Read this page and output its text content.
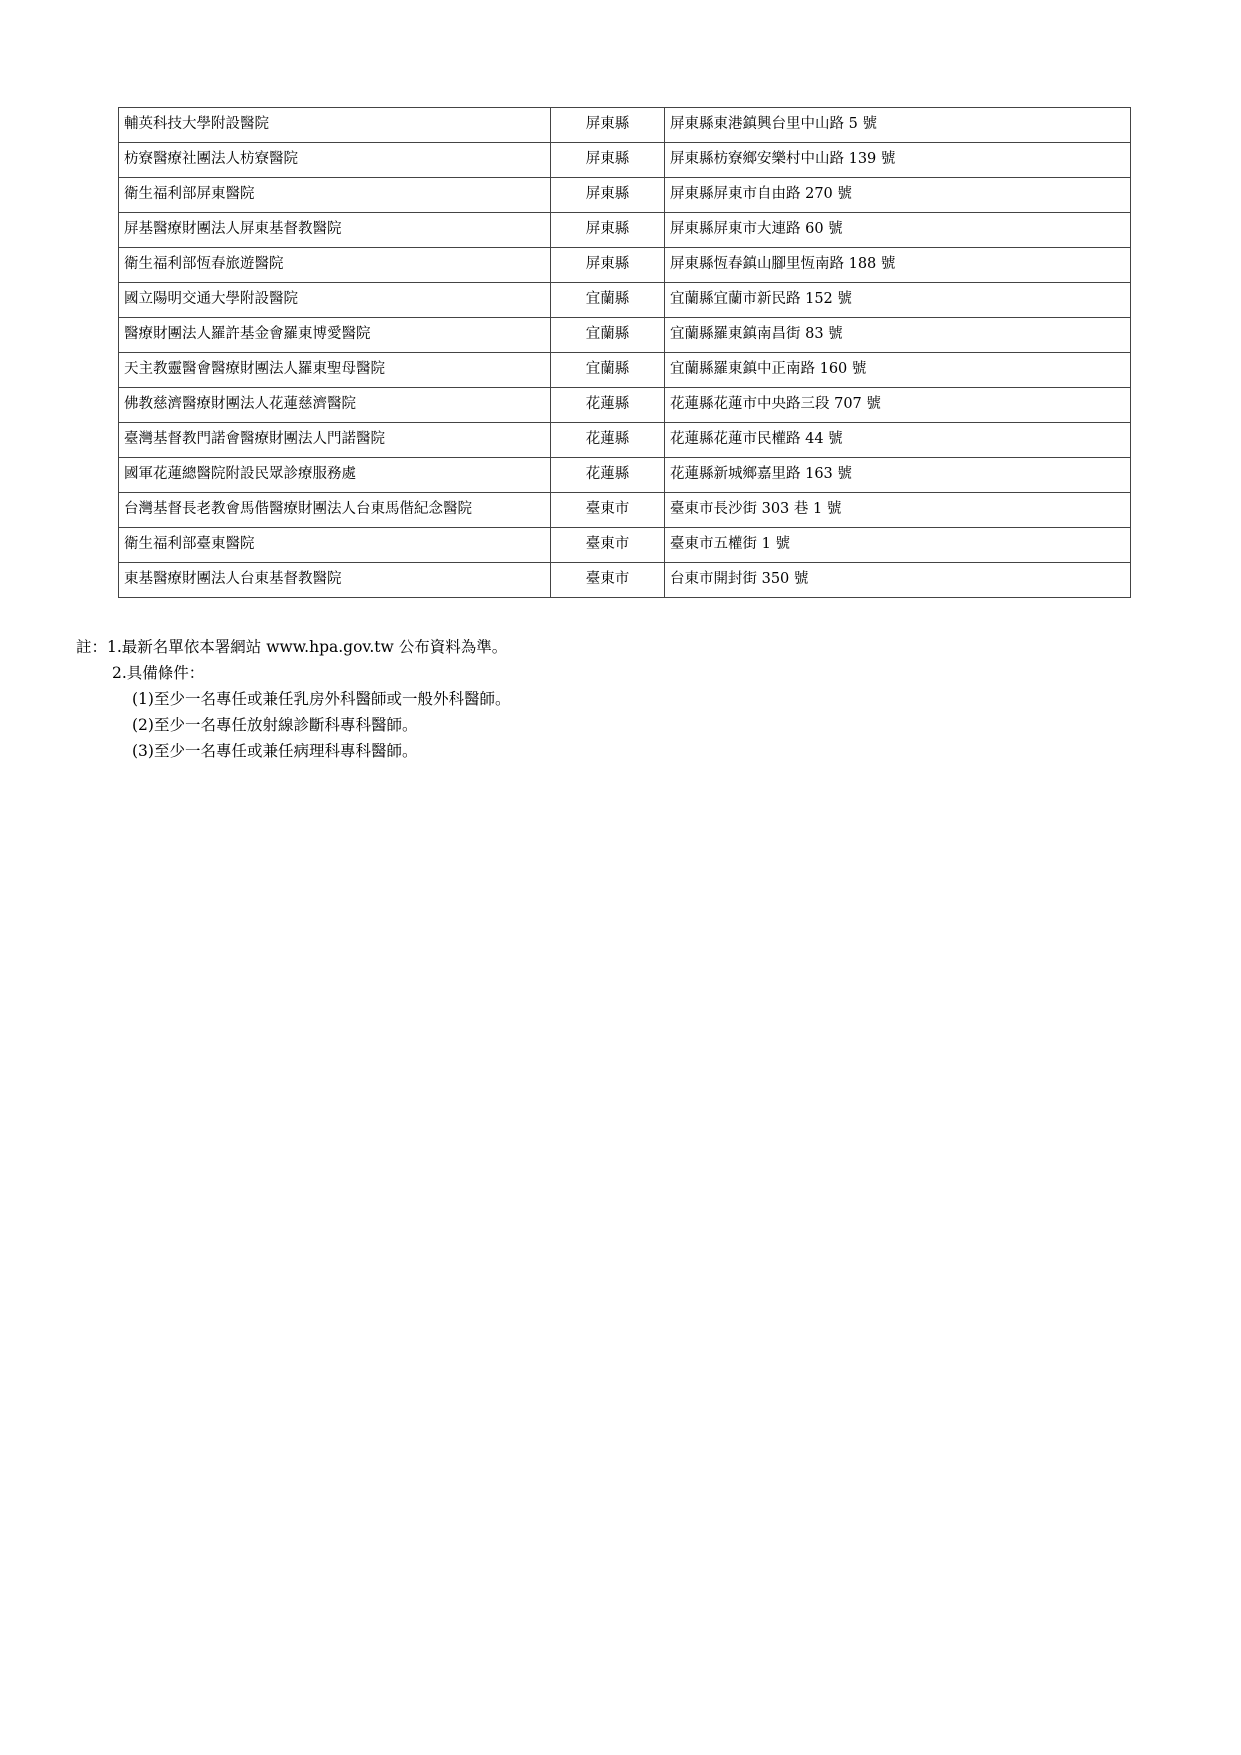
輔英科技大學附設醫院	屏東縣	屏東縣東港鎮興台里中山路 5 號
枋寮醫療社團法人枋寮醫院	屏東縣	屏東縣枋寮鄉安樂村中山路 139 號
衛生福利部屏東醫院	屏東縣	屏東縣屏東市自由路 270 號
屏基醫療財團法人屏東基督教醫院	屏東縣	屏東縣屏東市大連路 60 號
衛生福利部恆春旅遊醫院	屏東縣	屏東縣恆春鎮山腳里恆南路 188 號
國立陽明交通大學附設醫院	宜蘭縣	宜蘭縣宜蘭市新民路 152 號
醫療財團法人羅許基金會羅東博愛醫院	宜蘭縣	宜蘭縣羅東鎮南昌街 83 號
天主教靈醫會醫療財團法人羅東聖母醫院	宜蘭縣	宜蘭縣羅東鎮中正南路 160 號
佛教慈濟醫療財團法人花蓮慈濟醫院	花蓮縣	花蓮縣花蓮市中央路三段 707 號
臺灣基督教門諾會醫療財團法人門諾醫院	花蓮縣	花蓮縣花蓮市民權路 44 號
國軍花蓮總醫院附設民眾診療服務處	花蓮縣	花蓮縣新城鄉嘉里路 163 號
台灣基督長老教會馬偕醫療財團法人台東馬偕紀念醫院	臺東市	臺東市長沙街 303 巷 1 號
衛生福利部臺東醫院	臺東市	臺東市五權街 1 號
東基醫療財團法人台東基督教醫院	臺東市	台東市開封街 350 號
註：1.最新名單依本署網站 www.hpa.gov.tw 公布資料為準。
2.具備條件：
(1)至少一名專任或兼任乳房外科醫師或一般外科醫師。
(2)至少一名專任放射線診斷科專科醫師。
(3)至少一名專任或兼任病理科專科醫師。
